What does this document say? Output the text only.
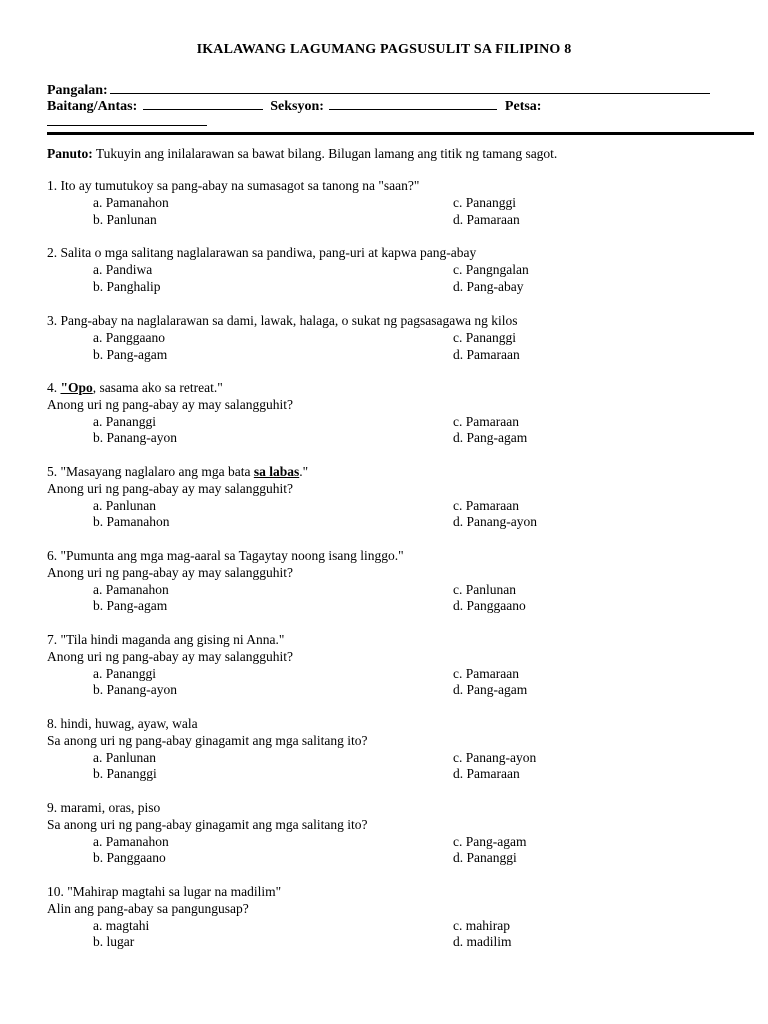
IKALAWANG LAGUMANG PAGSUSULIT SA FILIPINO 8
Pangalan:
Baitang/Antas:	Seksyon:	Petsa:
Panuto: Tukuyin ang inilalarawan sa bawat bilang. Bilugan lamang ang titik ng tamang sagot.
1. Ito ay tumutukoy sa pang-abay na sumasagot sa tanong na "saan?"
a. Pamanahon
b. Panlunan
c. Pananggi
d. Pamaraan
2. Salita o mga salitang naglalarawan sa pandiwa, pang-uri at kapwa pang-abay
a. Pandiwa
b. Panghalip
c. Pangngalan
d. Pang-abay
3. Pang-abay na naglalarawan sa dami, lawak, halaga, o sukat ng pagsasagawa ng kilos
a. Panggaano
b. Pang-agam
c. Pananggi
d. Pamaraan
4. "Opo, sasama ako sa retreat."
Anong uri ng pang-abay ay may salangguhit?
a. Pananggi
b. Panang-ayon
c. Pamaraan
d. Pang-agam
5. "Masayang naglalaro ang mga bata sa labas."
Anong uri ng pang-abay ay may salangguhit?
a. Panlunan
b. Pamanahon
c. Pamaraan
d. Panang-ayon
6. "Pumunta ang mga mag-aaral sa Tagaytay noong isang linggo."
Anong uri ng pang-abay ay may salangguhit?
a. Pamanahon
b. Pang-agam
c. Panlunan
d. Panggaano
7. "Tila hindi maganda ang gising ni Anna."
Anong uri ng pang-abay ay may salangguhit?
a. Pananggi
b. Panang-ayon
c. Pamaraan
d. Pang-agam
8. hindi, huwag, ayaw, wala
Sa anong uri ng pang-abay ginagamit ang mga salitang ito?
a. Panlunan
b. Pananggi
c. Panang-ayon
d. Pamaraan
9. marami, oras, piso
Sa anong uri ng pang-abay ginagamit ang mga salitang ito?
a. Pamanahon
b. Panggaano
c. Pang-agam
d. Pananggi
10. "Mahirap magtahi sa lugar na madilim"
Alin ang pang-abay sa pangungusap?
a. magtahi
b. lugar
c. mahirap
d. madilim
